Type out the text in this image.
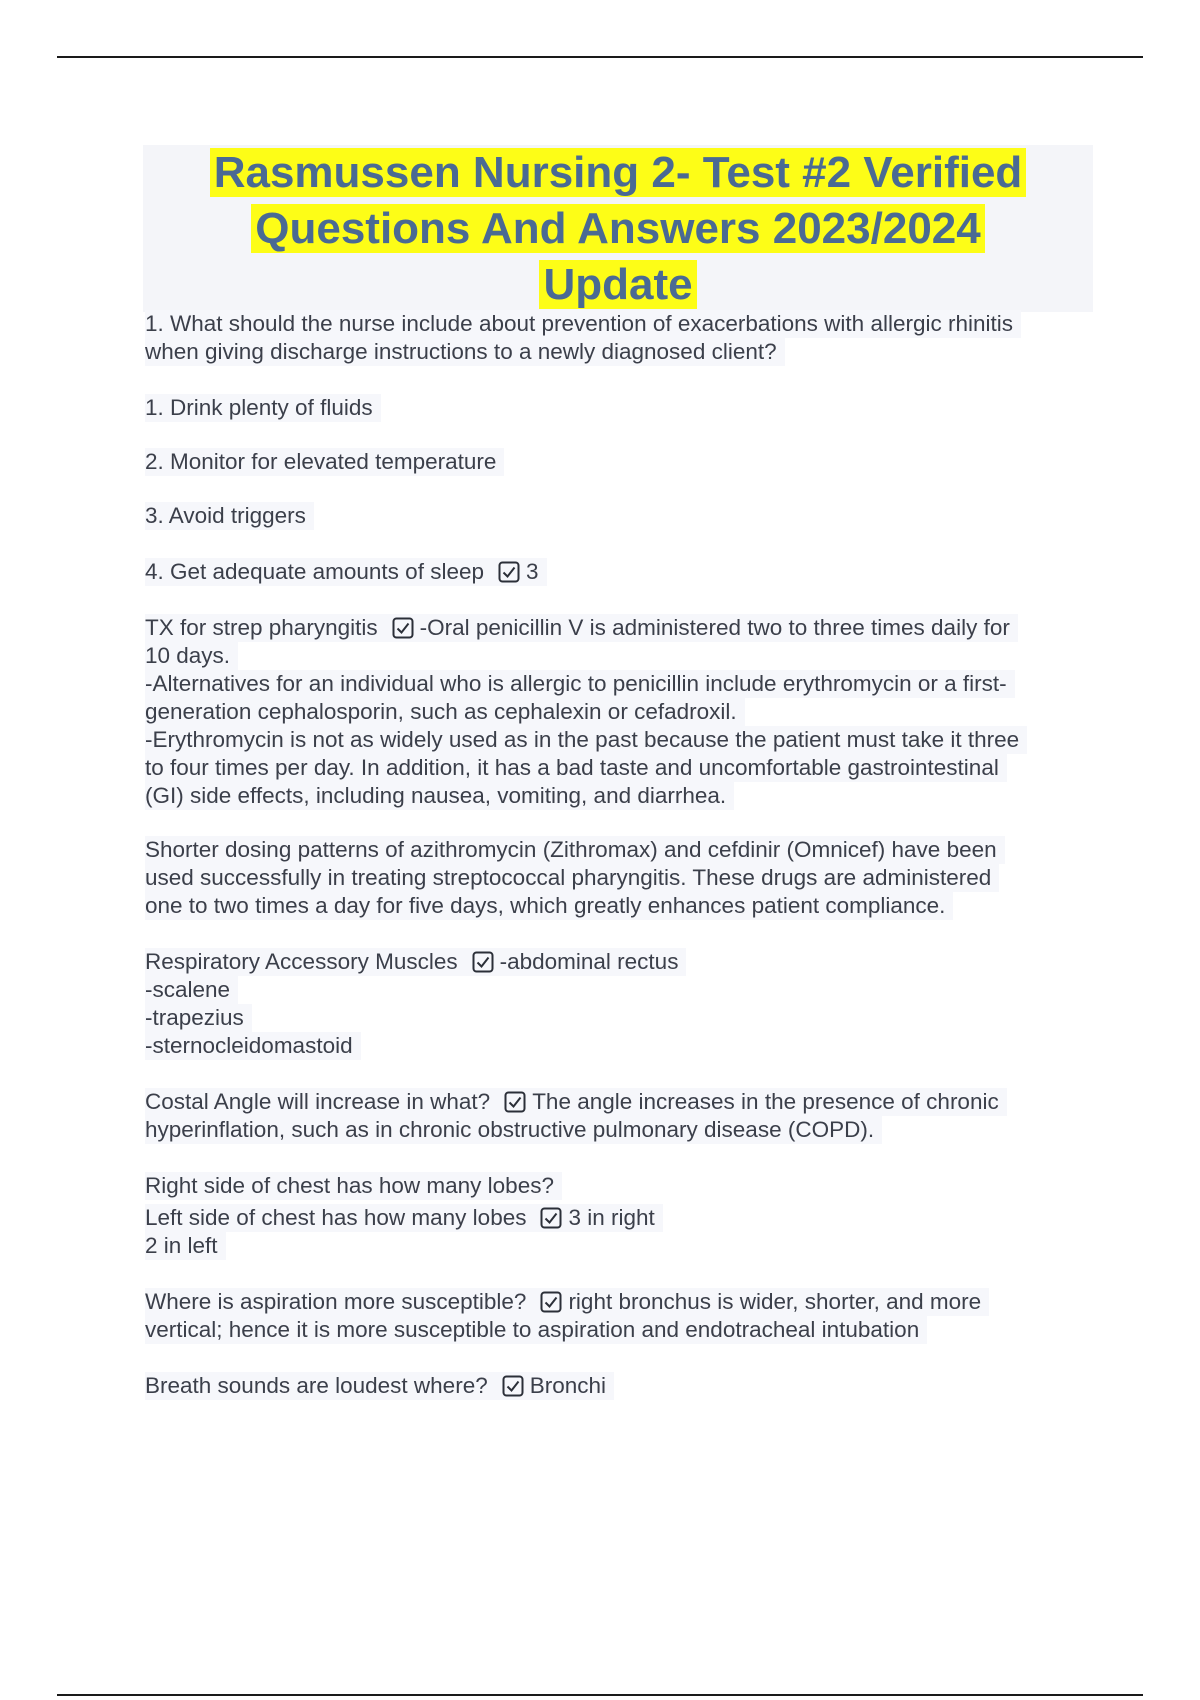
Rasmussen Nursing 2- Test #2 Verified
Questions And Answers 2023/2024
Update
1. What should the nurse include about prevention of exacerbations with allergic rhinitis
when giving discharge instructions to a newly diagnosed client?
1. Drink plenty of fluids
2. Monitor for elevated temperature
3. Avoid triggers
4. Get adequate amounts of sleep 3
TX for strep pharyngitis -Oral penicillin V is administered two to three times daily for
10 days.
-Alternatives for an individual who is allergic to penicillin include erythromycin or a first-
generation cephalosporin, such as cephalexin or cefadroxil.
-Erythromycin is not as widely used as in the past because the patient must take it three
to four times per day. In addition, it has a bad taste and uncomfortable gastrointestinal
(GI) side effects, including nausea, vomiting, and diarrhea.
Shorter dosing patterns of azithromycin (Zithromax) and cefdinir (Omnicef) have been
used successfully in treating streptococcal pharyngitis. These drugs are administered
one to two times a day for five days, which greatly enhances patient compliance.
Respiratory Accessory Muscles -abdominal rectus
-scalene
-trapezius
-sternocleidomastoid
Costal Angle will increase in what? The angle increases in the presence of chronic
hyperinflation, such as in chronic obstructive pulmonary disease (COPD).
Right side of chest has how many lobes?
Left side of chest has how many lobes 3 in right
2 in left
Where is aspiration more susceptible? right bronchus is wider, shorter, and more
vertical; hence it is more susceptible to aspiration and endotracheal intubation
Breath sounds are loudest where? Bronchi
